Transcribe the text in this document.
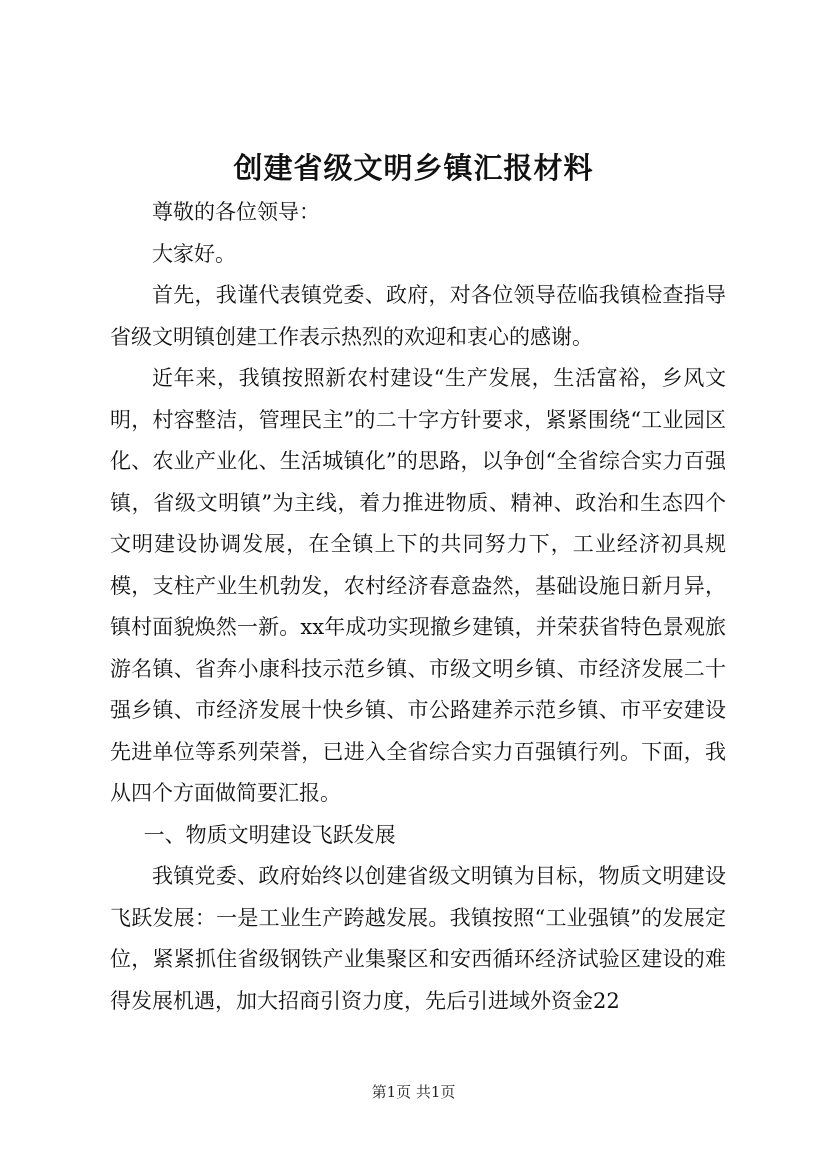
创建省级文明乡镇汇报材料

尊敬的各位领导：

大家好。

首先，我谨代表镇党委、政府，对各位领导莅临我镇检查指导省级文明镇创建工作表示热烈的欢迎和衷心的感谢。

近年来，我镇按照新农村建设“生产发展，生活富裕，乡风文明，村容整洁，管理民主”的二十字方针要求，紧紧围绕“工业园区化、农业产业化、生活城镇化”的思路，以争创“全省综合实力百强镇，省级文明镇”为主线，着力推进物质、精神、政治和生态四个文明建设协调发展，在全镇上下的共同努力下，工业经济初具规模，支柱产业生机勃发，农村经济春意盎然，基础设施日新月异，镇村面貌焕然一新。xx年成功实现撤乡建镇，并荣获省特色景观旅游名镇、省奔小康科技示范乡镇、市级文明乡镇、市经济发展二十强乡镇、市经济发展十快乡镇、市公路建养示范乡镇、市平安建设先进单位等系列荣誉，已进入全省综合实力百强镇行列。下面，我从四个方面做简要汇报。

一、物质文明建设飞跃发展

我镇党委、政府始终以创建省级文明镇为目标，物质文明建设飞跃发展：一是工业生产跨越发展。我镇按照“工业强镇”的发展定位，紧紧抓住省级钢铁产业集聚区和安西循环经济试验区建设的难得发展机遇，加大招商引资力度，先后引进域外资金22

第1页 共1页
